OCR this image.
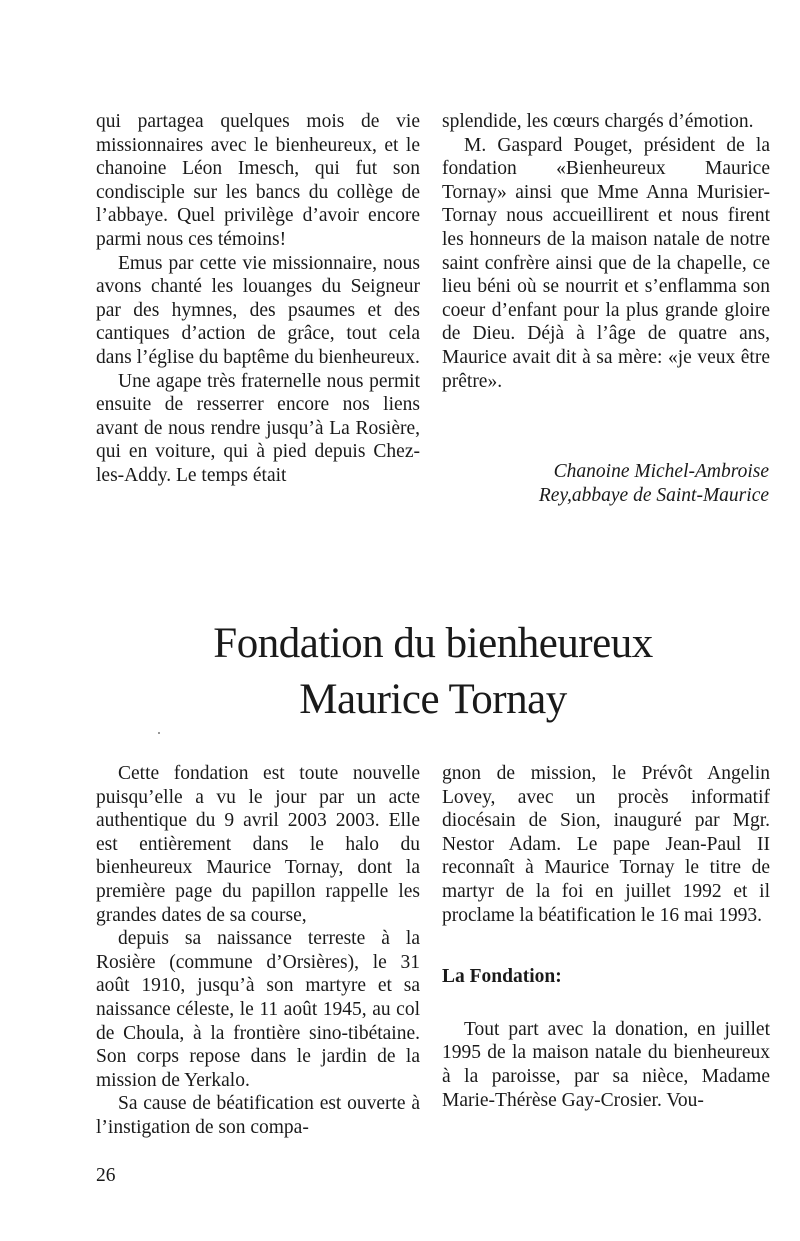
qui partagea quelques mois de vie missionnaires avec le bienheureux, et le chanoine Léon Imesch, qui fut son condisciple sur les bancs du collège de l’abbaye. Quel privilège d’avoir encore parmi nous ces témoins!

Emus par cette vie missionnaire, nous avons chanté les louanges du Seigneur par des hymnes, des psaumes et des cantiques d’action de grâce, tout cela dans l’église du baptême du bienheureux.

Une agape très fraternelle nous permit ensuite de resserrer encore nos liens avant de nous rendre jusqu’à La Rosière, qui en voiture, qui à pied depuis Chez-les-Addy. Le temps était

splendide, les cœurs chargés d’émotion.

M. Gaspard Pouget, président de la fondation «Bienheureux Maurice Tornay» ainsi que Mme Anna Murisier-Tornay nous accueillirent et nous firent les honneurs de la maison natale de notre saint confrère ainsi que de la chapelle, ce lieu béni où se nourrit et s’enflamma son coeur d’enfant pour la plus grande gloire de Dieu. Déjà à l’âge de quatre ans, Maurice avait dit à sa mère: «je veux être prêtre».

Chanoine Michel-Ambroise
Rey,abbaye de Saint-Maurice
Fondation du bienheureux
Maurice Tornay

Cette fondation est toute nouvelle puisqu’elle a vu le jour par un acte authentique du 9 avril 2003 2003. Elle est entièrement dans le halo du bienheureux Maurice Tornay, dont la première page du papillon rappelle les grandes dates de sa course,

depuis sa naissance terreste à la Rosière (commune d’Orsières), le 31 août 1910, jusqu’à son martyre et sa naissance céleste, le 11 août 1945, au col de Choula, à la frontière sino-tibétaine. Son corps repose dans le jardin de la mission de Yerkalo.

Sa cause de béatification est ouverte à l’instigation de son compa-

gnon de mission, le Prévôt Angelin Lovey, avec un procès informatif diocésain de Sion, inauguré par Mgr. Nestor Adam. Le pape Jean-Paul II reconnaît à Maurice Tornay le titre de martyr de la foi en juillet 1992 et il proclame la béatification le 16 mai 1993.

La Fondation:

Tout part avec la donation, en juillet 1995 de la maison natale du bienheureux à la paroisse, par sa nièce, Madame Marie-Thérèse Gay-Crosier. Vou-

26
